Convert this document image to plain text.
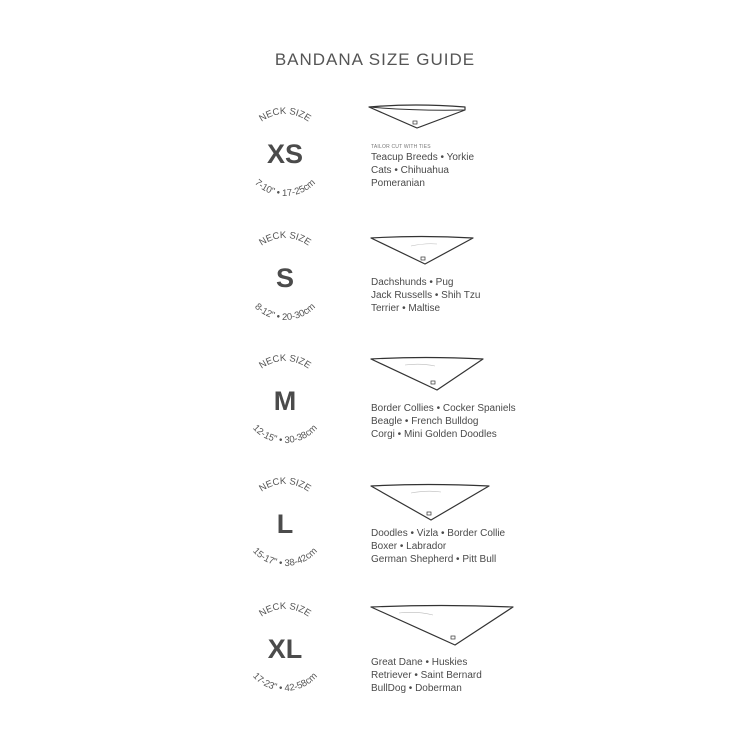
BANDANA SIZE GUIDE
NECK SIZE
7-10" • 17-25cm
XS	TAILOR CUT WITH TIES
Teacup Breeds • Yorkie
Cats • Chihuahua
Pomeranian
NECK SIZE
8-12" • 20-30cm
S	Dachshunds • Pug
Jack Russells • Shih Tzu
Terrier • Maltise
NECK SIZE
12-15" • 30-38cm
M	Border Collies • Cocker Spaniels
Beagle • French Bulldog
Corgi • Mini Golden Doodles
NECK SIZE
15-17" • 38-42cm
L	Doodles • Vizla • Border Collie
Boxer • Labrador
German Shepherd • Pitt Bull
NECK SIZE
17-23" • 42-58cm
XL	Great Dane • Huskies
Retriever • Saint Bernard
BullDog • Doberman
